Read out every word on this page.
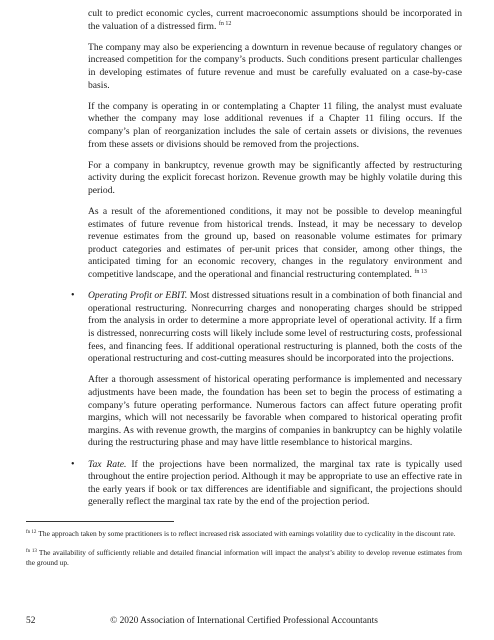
cult to predict economic cycles, current macroeconomic assumptions should be incorporated in the valuation of a distressed firm. $^{fn 12}$

The company may also be experiencing a downturn in revenue because of regulatory changes or increased competition for the company’s products. Such conditions present particular challenges in developing estimates of future revenue and must be carefully evaluated on a case-by-case basis.

If the company is operating in or contemplating a Chapter 11 filing, the analyst must evaluate whether the company may lose additional revenues if a Chapter 11 filing occurs. If the company’s plan of reorganization includes the sale of certain assets or divisions, the revenues from these assets or divisions should be removed from the projections.

For a company in bankruptcy, revenue growth may be significantly affected by restructuring activity during the explicit forecast horizon. Revenue growth may be highly volatile during this period.

As a result of the aforementioned conditions, it may not be possible to develop meaningful estimates of future revenue from historical trends. Instead, it may be necessary to develop revenue estimates from the ground up, based on reasonable volume estimates for primary product categories and estimates of per-unit prices that consider, among other things, the anticipated timing for an economic recovery, changes in the regulatory environment and competitive landscape, and the operational and financial restructuring contemplated. $^{fn 13}$

• Operating Profit or EBIT. Most distressed situations result in a combination of both financial and operational restructuring. Nonrecurring charges and nonoperating charges should be stripped from the analysis in order to determine a more appropriate level of operational activity. If a firm is distressed, nonrecurring costs will likely include some level of restructuring costs, professional fees, and financing fees. If additional operational restructuring is planned, both the costs of the operational restructuring and cost-cutting measures should be incorporated into the projections.

After a thorough assessment of historical operating performance is implemented and necessary adjustments have been made, the foundation has been set to begin the process of estimating a company’s future operating performance. Numerous factors can affect future operating profit margins, which will not necessarily be favorable when compared to historical operating profit margins. As with revenue growth, the margins of companies in bankruptcy can be highly volatile during the restructuring phase and may have little resemblance to historical margins.

• Tax Rate. If the projections have been normalized, the marginal tax rate is typically used throughout the entire projection period. Although it may be appropriate to use an effective rate in the early years if book or tax differences are identifiable and significant, the projections should generally reflect the marginal tax rate by the end of the projection period.

$^{fn 12}$ The approach taken by some practitioners is to reflect increased risk associated with earnings volatility due to cyclicality in the discount rate.

$^{fn 13}$ The availability of sufficiently reliable and detailed financial information will impact the analyst’s ability to develop revenue estimates from the ground up.

52	© 2020 Association of International Certified Professional Accountants
